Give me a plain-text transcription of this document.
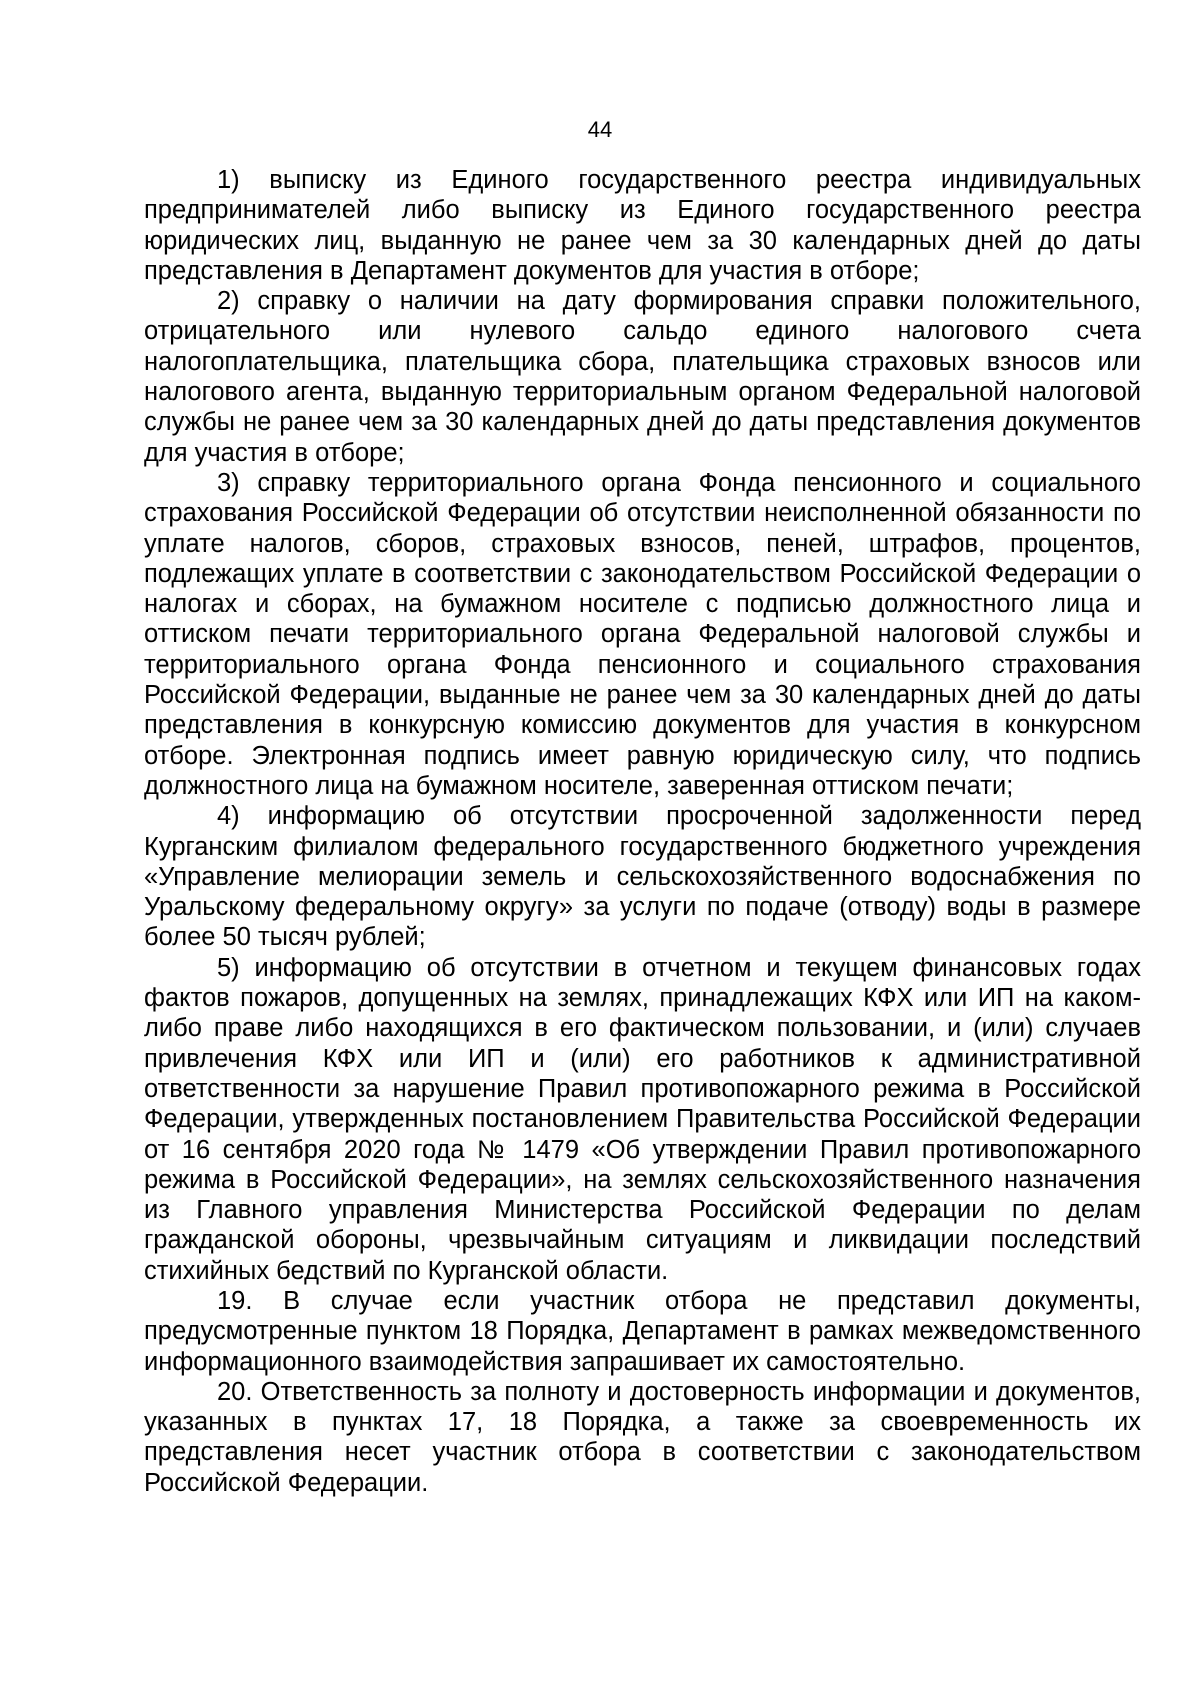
44

1) выписку из Единого государственного реестра индивидуальных предпринимателей либо выписку из Единого государственного реестра юридических лиц, выданную не ранее чем за 30 календарных дней до даты представления в Департамент документов для участия в отборе;

2) справку о наличии на дату формирования справки положительного, отрицательного или нулевого сальдо единого налогового счета налогоплательщика, плательщика сбора, плательщика страховых взносов или налогового агента, выданную территориальным органом Федеральной налоговой службы не ранее чем за 30 календарных дней до даты представления документов для участия в отборе;

3) справку территориального органа Фонда пенсионного и социального страхования Российской Федерации об отсутствии неисполненной обязанности по уплате налогов, сборов, страховых взносов, пеней, штрафов, процентов, подлежащих уплате в соответствии с законодательством Российской Федерации о налогах и сборах, на бумажном носителе с подписью должностного лица и оттиском печати территориального органа Федеральной налоговой службы и территориального органа Фонда пенсионного и социального страхования Российской Федерации, выданные не ранее чем за 30 календарных дней до даты представления в конкурсную комиссию документов для участия в конкурсном отборе. Электронная подпись имеет равную юридическую силу, что подпись должностного лица на бумажном носителе, заверенная оттиском печати;

4) информацию об отсутствии просроченной задолженности перед Курганским филиалом федерального государственного бюджетного учреждения «Управление мелиорации земель и сельскохозяйственного водоснабжения по Уральскому федеральному округу» за услуги по подаче (отводу) воды в размере более 50 тысяч рублей;

5) информацию об отсутствии в отчетном и текущем финансовых годах фактов пожаров, допущенных на землях, принадлежащих КФХ или ИП на каком-либо праве либо находящихся в его фактическом пользовании, и (или) случаев привлечения КФХ или ИП и (или) его работников к административной ответственности за нарушение Правил противопожарного режима в Российской Федерации, утвержденных постановлением Правительства Российской Федерации от 16 сентября 2020 года № 1479 «Об утверждении Правил противопожарного режима в Российской Федерации», на землях сельскохозяйственного назначения из Главного управления Министерства Российской Федерации по делам гражданской обороны, чрезвычайным ситуациям и ликвидации последствий стихийных бедствий по Курганской области.

19. В случае если участник отбора не представил документы, предусмотренные пунктом 18 Порядка, Департамент в рамках межведомственного информационного взаимодействия запрашивает их самостоятельно.

20. Ответственность за полноту и достоверность информации и документов, указанных в пунктах 17, 18 Порядка, а также за своевременность их представления несет участник отбора в соответствии с законодательством Российской Федерации.
